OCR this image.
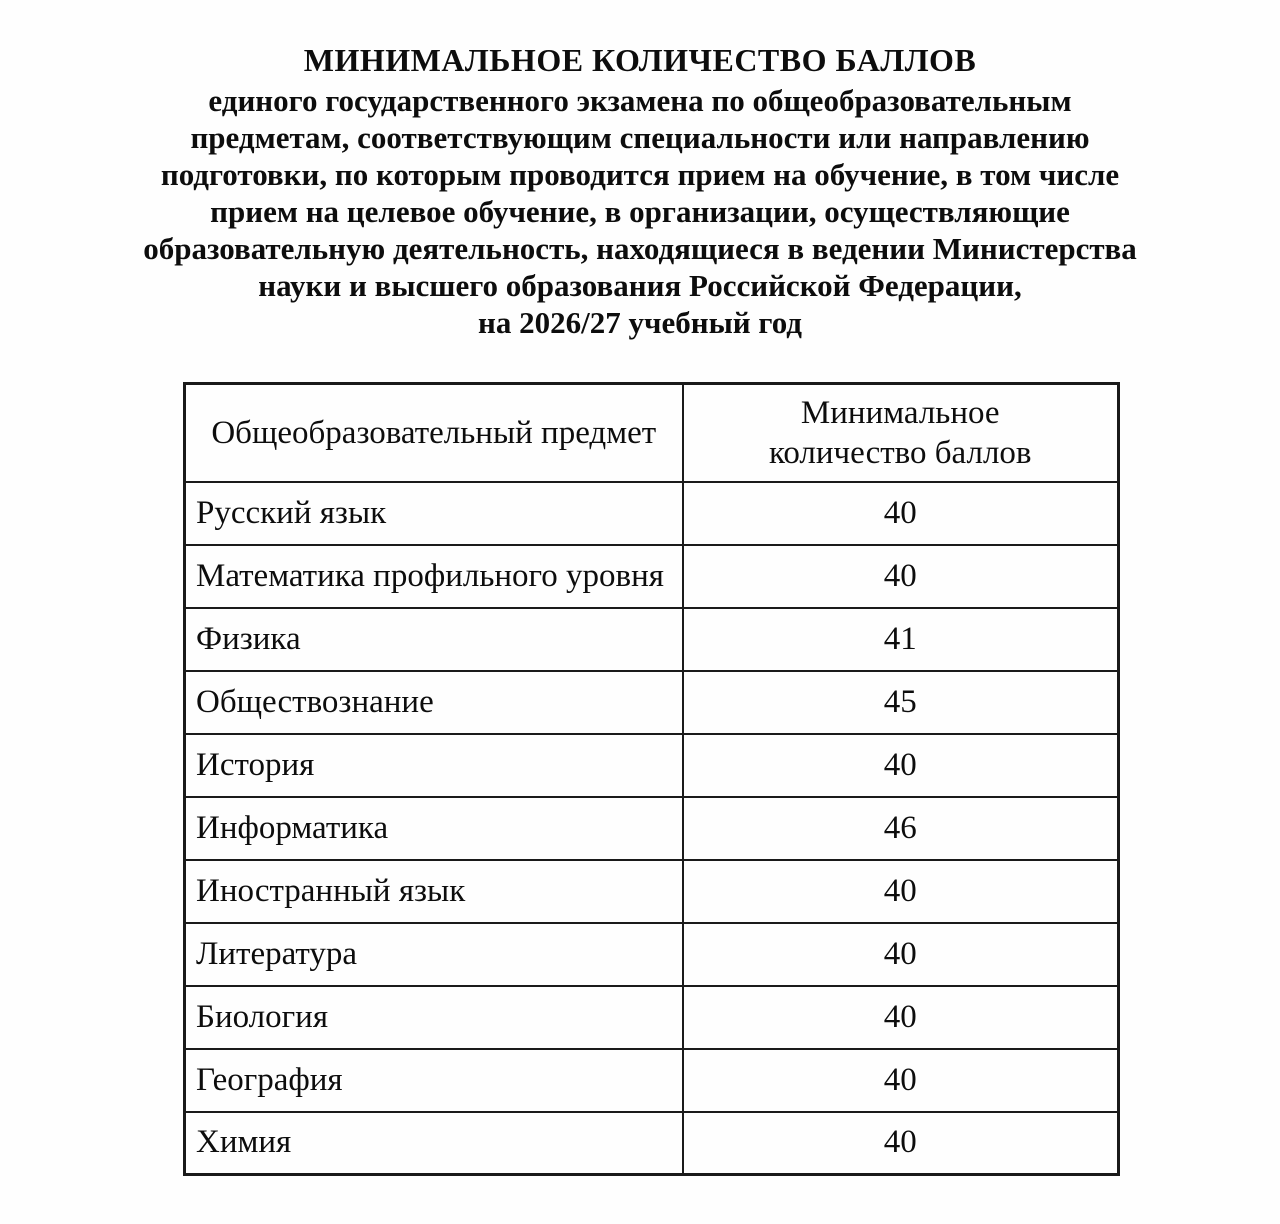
МИНИМАЛЬНОЕ КОЛИЧЕСТВО БАЛЛОВ
единого государственного экзамена по общеобразовательным
предметам, соответствующим специальности или направлению
подготовки, по которым проводится прием на обучение, в том числе
прием на целевое обучение, в организации, осуществляющие
образовательную деятельность, находящиеся в ведении Министерства
науки и высшего образования Российской Федерации,
на 2026/27 учебный год
Общеобразовательный предмет	Минимальное количество баллов
Русский язык	40
Математика профильного уровня	40
Физика	41
Обществознание	45
История	40
Информатика	46
Иностранный язык	40
Литература	40
Биология	40
География	40
Химия	40
